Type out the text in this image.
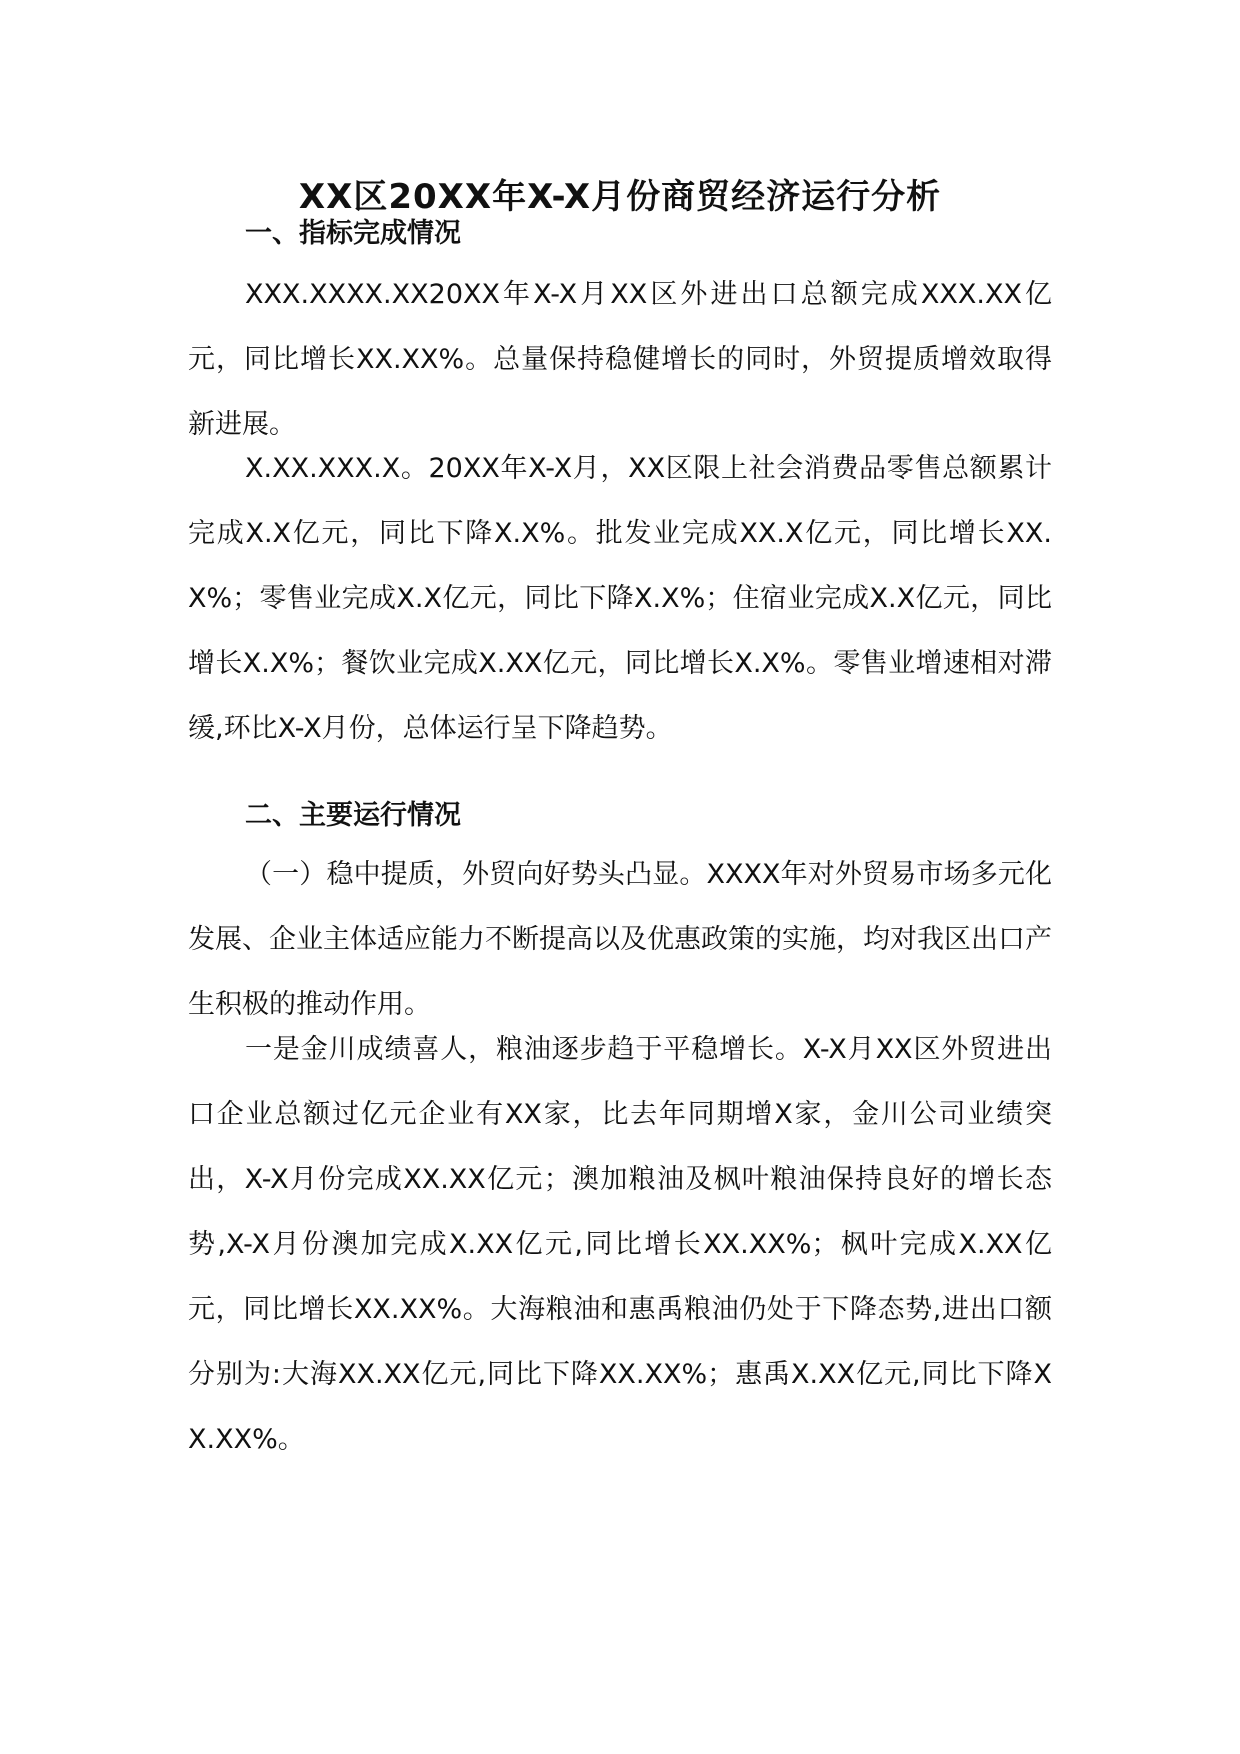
XX区20XX年X-X月份商贸经济运行分析
一、指标完成情况

XXX.XXXX.XX20XX年X-X月XX区外进出口总额完成XXX.XX亿元，同比增长XX.XX%。总量保持稳健增长的同时，外贸提质增效取得新进展。

X.XX.XXX.X。20XX年X-X月，XX区限上社会消费品零售总额累计完成X.X亿元，同比下降X.X%。批发业完成XX.X亿元，同比增长XX.X%；零售业完成X.X亿元，同比下降X.X%；住宿业完成X.X亿元，同比增长X.X%；餐饮业完成X.XX亿元，同比增长X.X%。零售业增速相对滞缓,环比X-X月份，总体运行呈下降趋势。

二、主要运行情况

（一）稳中提质，外贸向好势头凸显。XXXX年对外贸易市场多元化发展、企业主体适应能力不断提高以及优惠政策的实施，均对我区出口产生积极的推动作用。

一是金川成绩喜人，粮油逐步趋于平稳增长。X-X月XX区外贸进出口企业总额过亿元企业有XX家，比去年同期增X家，金川公司业绩突出，X-X月份完成XX.XX亿元；澳加粮油及枫叶粮油保持良好的增长态势,X-X月份澳加完成X.XX亿元,同比增长XX.XX%；枫叶完成X.XX亿元，同比增长XX.XX%。大海粮油和惠禹粮油仍处于下降态势,进出口额分别为:大海XX.XX亿元,同比下降XX.XX%；惠禹X.XX亿元,同比下降XX.XX%。
